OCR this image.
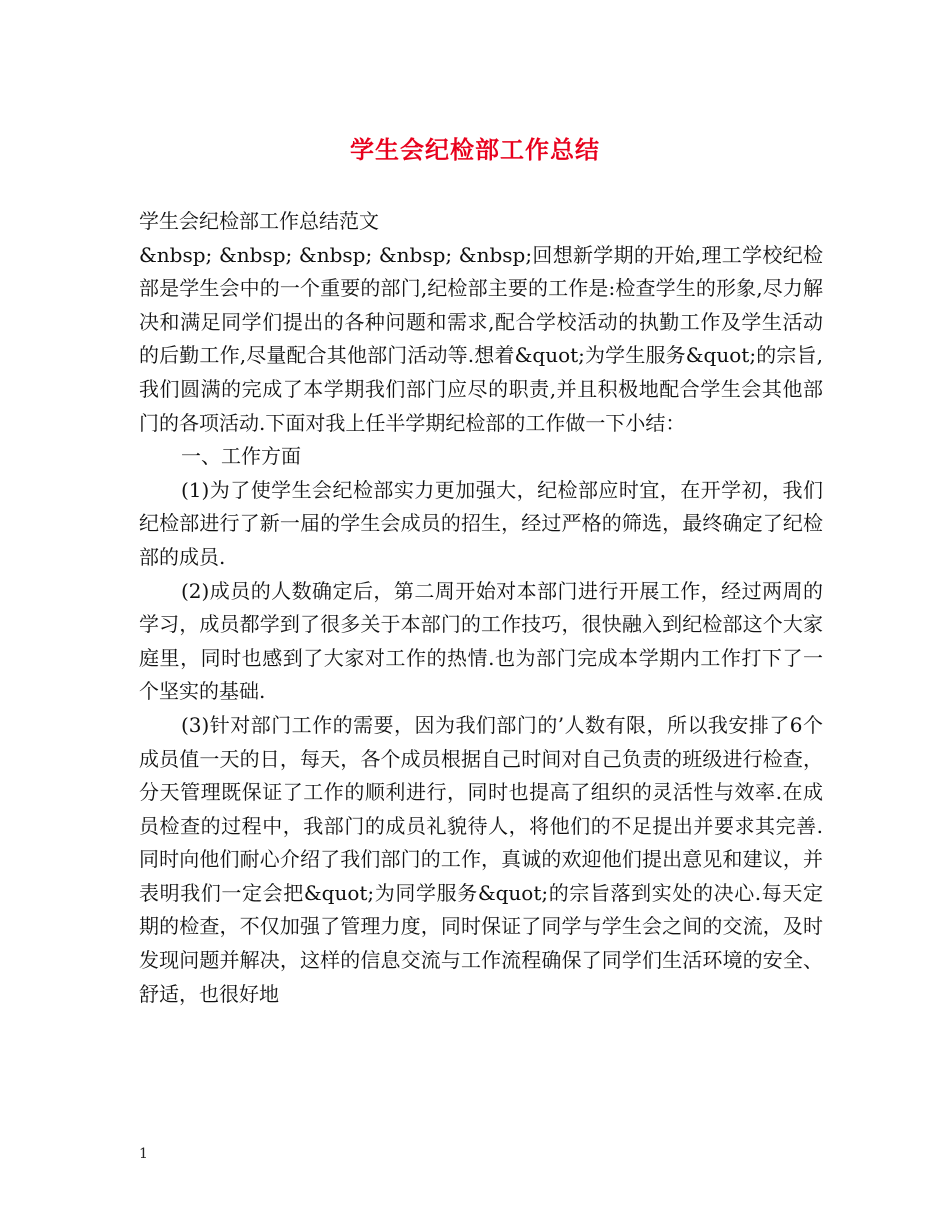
学生会纪检部工作总结

学生会纪检部工作总结范文

&nbsp; &nbsp; &nbsp; &nbsp; &nbsp;回想新学期的开始,理工学校纪检部是学生会中的一个重要的部门,纪检部主要的工作是:检查学生的形象,尽力解决和满足同学们提出的各种问题和需求,配合学校活动的执勤工作及学生活动的后勤工作,尽量配合其他部门活动等.想着&quot;为学生服务&quot;的宗旨,我们圆满的完成了本学期我们部门应尽的职责,并且积极地配合学生会其他部门的各项活动.下面对我上任半学期纪检部的工作做一下小结：

一、工作方面

(1)为了使学生会纪检部实力更加强大，纪检部应时宜，在开学初，我们纪检部进行了新一届的学生会成员的招生，经过严格的筛选，最终确定了纪检部的成员.

(2)成员的人数确定后，第二周开始对本部门进行开展工作，经过两周的学习，成员都学到了很多关于本部门的工作技巧，很快融入到纪检部这个大家庭里，同时也感到了大家对工作的热情.也为部门完成本学期内工作打下了一个坚实的基础.

(3)针对部门工作的需要，因为我们部门的’人数有限，所以我安排了6个成员值一天的日，每天，各个成员根据自己时间对自己负责的班级进行检查，分天管理既保证了工作的顺利进行，同时也提高了组织的灵活性与效率.在成员检查的过程中，我部门的成员礼貌待人，将他们的不足提出并要求其完善.同时向他们耐心介绍了我们部门的工作，真诚的欢迎他们提出意见和建议，并表明我们一定会把&quot;为同学服务&quot;的宗旨落到实处的决心.每天定期的检查，不仅加强了管理力度，同时保证了同学与学生会之间的交流，及时发现问题并解决，这样的信息交流与工作流程确保了同学们生活环境的安全、舒适，也很好地

1
